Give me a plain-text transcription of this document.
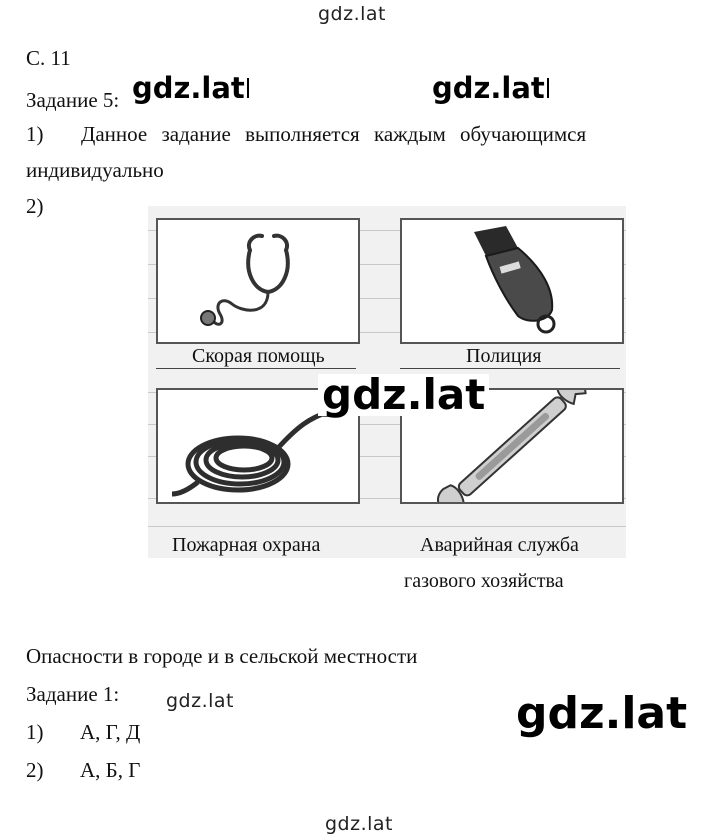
gdz.lat
С. 11
Задание 5: gdz.lat	gdz.lat
1) Данное задание выполняется каждым обучающимся
индивидуально
2)
Скорая помощь	Полиция
Пожарная охрана	Аварийная служба
газового хозяйства
gdz.lat
Опасности в городе и в сельской местности
Задание 1: gdz.lat	gdz.lat
1) А, Г, Д
2) А, Б, Г
gdz.lat
